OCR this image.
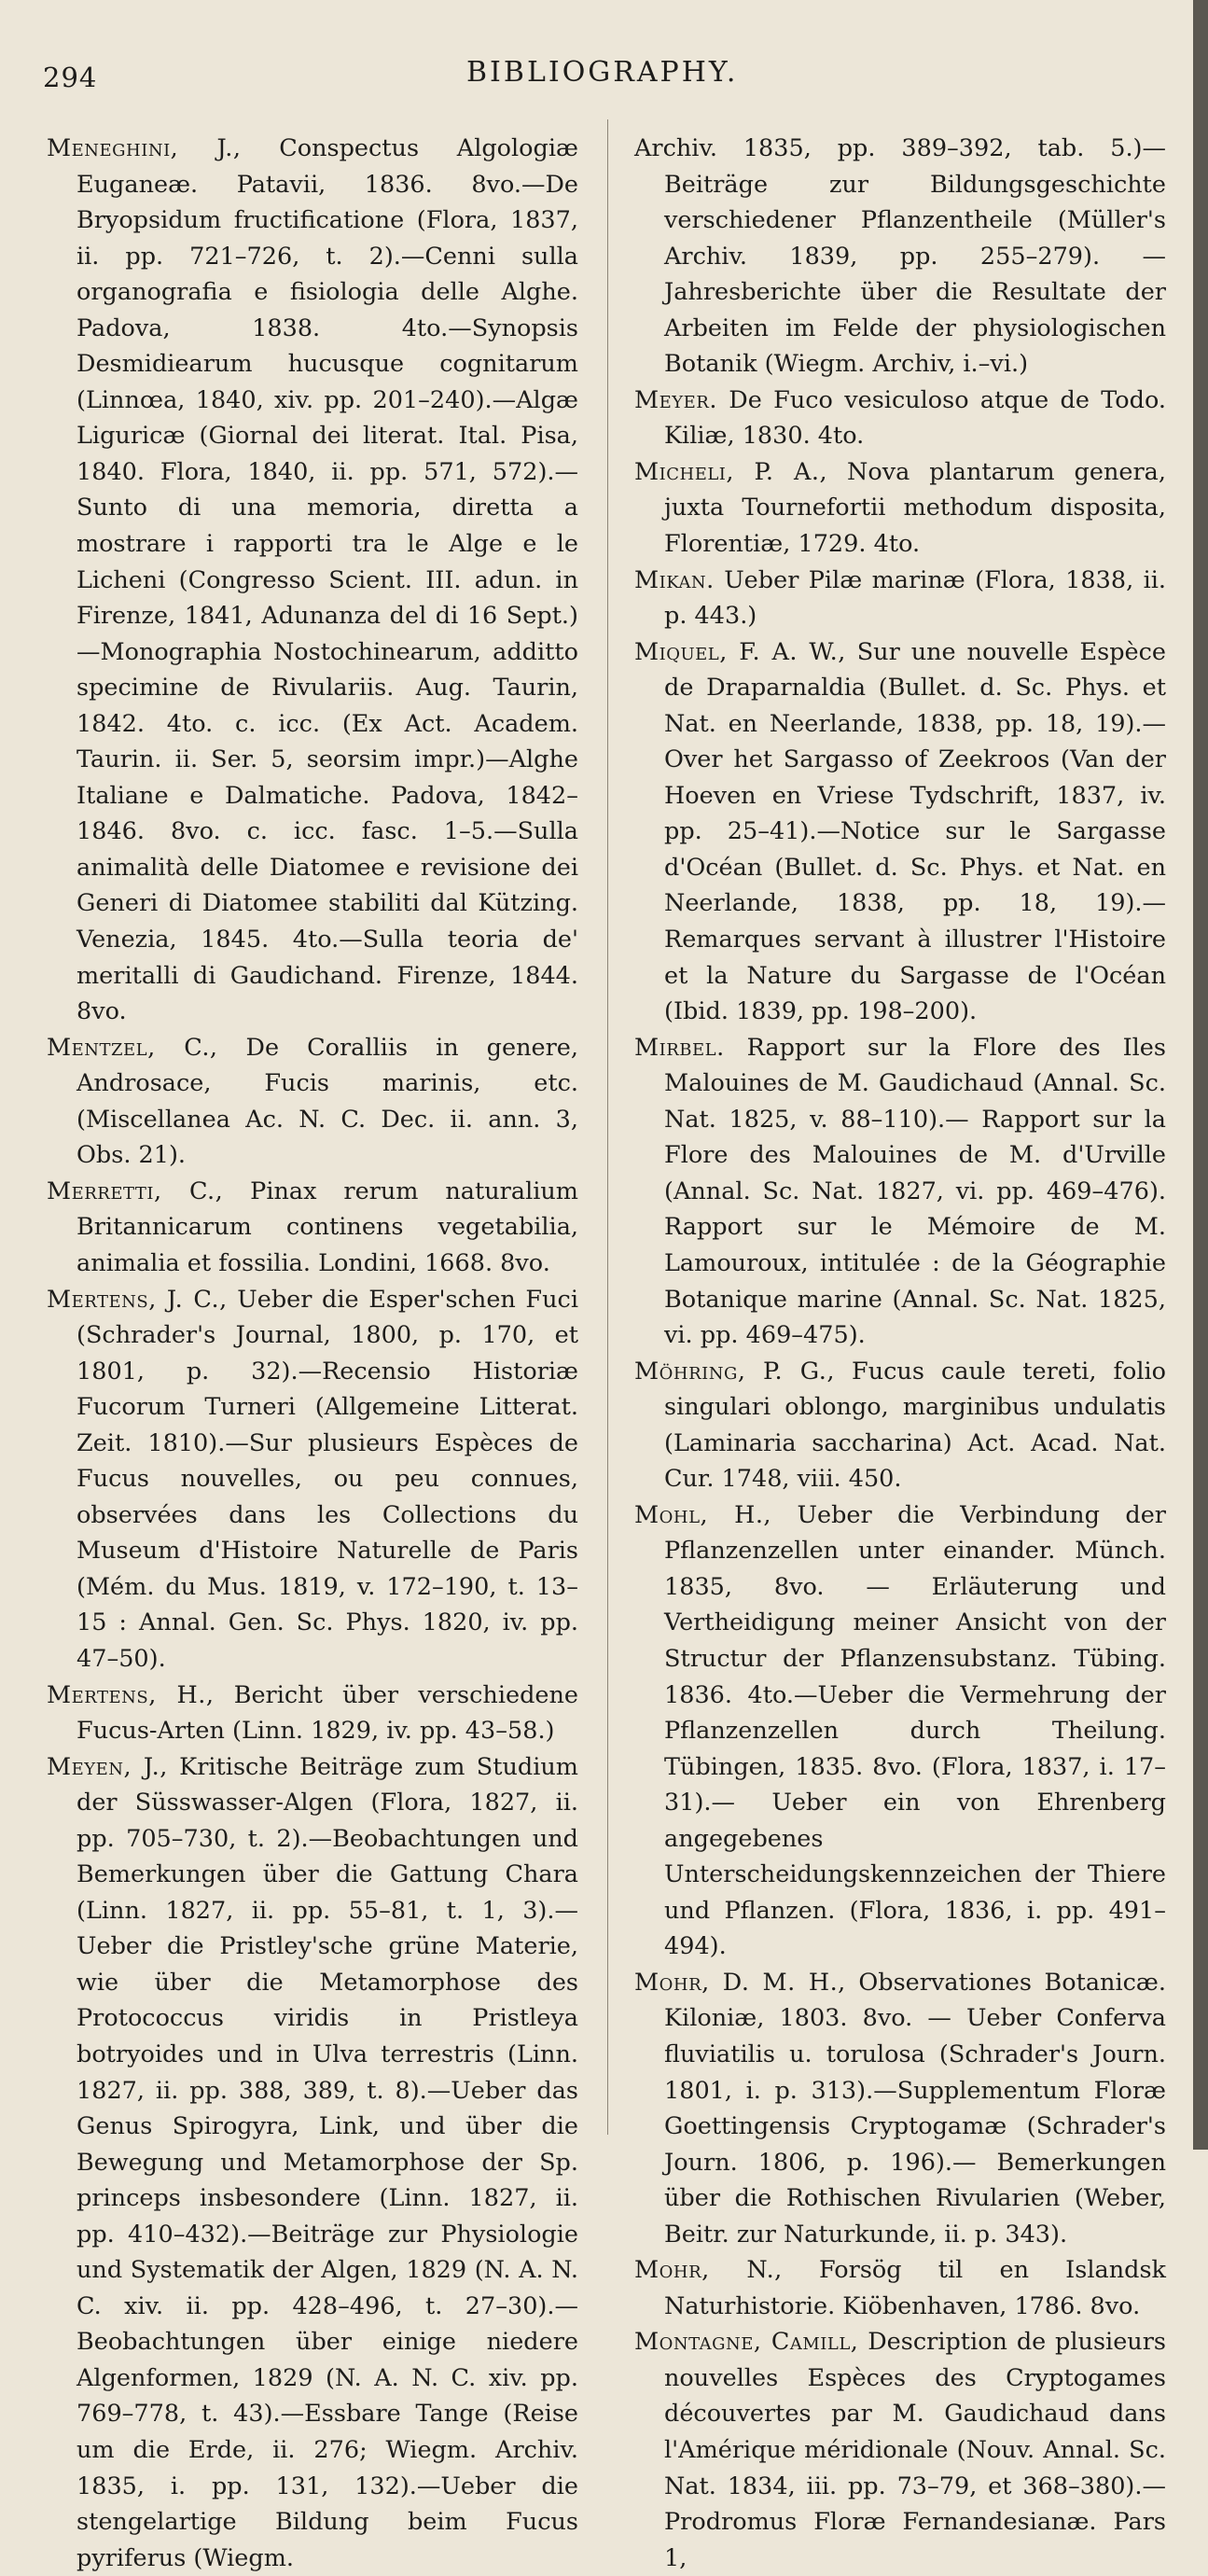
294	BIBLIOGRAPHY.

Meneghini, J., Conspectus Algologiæ Euganeæ. Patavii, 1836. 8vo.—De Bryopsidum fructificatione (Flora, 1837, ii. pp. 721–726, t. 2).—Cenni sulla organografia e fisiologia delle Alghe. Padova, 1838. 4to.—Synopsis Desmidiearum hucusque cognitarum (Linnœa, 1840, xiv. pp. 201–240).—Algæ Liguricæ (Giornal dei literat. Ital. Pisa, 1840. Flora, 1840, ii. pp. 571, 572).—Sunto di una memoria, diretta a mostrare i rapporti tra le Alge e le Licheni (Congresso Scient. III. adun. in Firenze, 1841, Adunanza del di 16 Sept.)—Monographia Nostochinearum, additto specimine de Rivulariis. Aug. Taurin, 1842. 4to. c. icc. (Ex Act. Academ. Taurin. ii. Ser. 5, seorsim impr.)—Alghe Italiane e Dalmatiche. Padova, 1842–1846. 8vo. c. icc. fasc. 1–5.—Sulla animalità delle Diatomee e revisione dei Generi di Diatomee stabiliti dal Kützing. Venezia, 1845. 4to.—Sulla teoria de' meritalli di Gaudichand. Firenze, 1844. 8vo.

Mentzel, C., De Coralliis in genere, Androsace, Fucis marinis, etc. (Miscellanea Ac. N. C. Dec. ii. ann. 3, Obs. 21).

Merretti, C., Pinax rerum naturalium Britannicarum continens vegetabilia, animalia et fossilia. Londini, 1668. 8vo.

Mertens, J. C., Ueber die Esper'schen Fuci (Schrader's Journal, 1800, p. 170, et 1801, p. 32).—Recensio Historiæ Fucorum Turneri (Allgemeine Litterat. Zeit. 1810).—Sur plusieurs Espèces de Fucus nouvelles, ou peu connues, observées dans les Collections du Museum d'Histoire Naturelle de Paris (Mém. du Mus. 1819, v. 172–190, t. 13–15 : Annal. Gen. Sc. Phys. 1820, iv. pp. 47–50).

Mertens, H., Bericht über verschiedene Fucus-Arten (Linn. 1829, iv. pp. 43–58.)

Meyen, J., Kritische Beiträge zum Studium der Süsswasser-Algen (Flora, 1827, ii. pp. 705–730, t. 2).—Beobachtungen und Bemerkungen über die Gattung Chara (Linn. 1827, ii. pp. 55–81, t. 1, 3).—Ueber die Pristley'sche grüne Materie, wie über die Metamorphose des Protococcus viridis in Pristleya botryoides und in Ulva terrestris (Linn. 1827, ii. pp. 388, 389, t. 8).—Ueber das Genus Spirogyra, Link, und über die Bewegung und Metamorphose der Sp. princeps insbesondere (Linn. 1827, ii. pp. 410–432).—Beiträge zur Physiologie und Systematik der Algen, 1829 (N. A. N. C. xiv. ii. pp. 428–496, t. 27–30).—Beobachtungen über einige niedere Algenformen, 1829 (N. A. N. C. xiv. pp. 769–778, t. 43).—Essbare Tange (Reise um die Erde, ii. 276; Wiegm. Archiv. 1835, i. pp. 131, 132).—Ueber die stengelartige Bildung beim Fucus pyriferus (Wiegm.

Archiv. 1835, pp. 389–392, tab. 5.)—Beiträge zur Bildungsgeschichte verschiedener Pflanzentheile (Müller's Archiv. 1839, pp. 255–279). — Jahresberichte über die Resultate der Arbeiten im Felde der physiologischen Botanik (Wiegm. Archiv, i.–vi.)

Meyer. De Fuco vesiculoso atque de Todo. Kiliæ, 1830. 4to.

Micheli, P. A., Nova plantarum genera, juxta Tournefortii methodum disposita, Florentiæ, 1729. 4to.

Mikan. Ueber Pilæ marinæ (Flora, 1838, ii. p. 443.)

Miquel, F. A. W., Sur une nouvelle Espèce de Draparnaldia (Bullet. d. Sc. Phys. et Nat. en Neerlande, 1838, pp. 18, 19).—Over het Sargasso of Zeekroos (Van der Hoeven en Vriese Tydschrift, 1837, iv. pp. 25–41).—Notice sur le Sargasse d'Océan (Bullet. d. Sc. Phys. et Nat. en Neerlande, 1838, pp. 18, 19).—Remarques servant à illustrer l'Histoire et la Nature du Sargasse de l'Océan (Ibid. 1839, pp. 198–200).

Mirbel. Rapport sur la Flore des Iles Malouines de M. Gaudichaud (Annal. Sc. Nat. 1825, v. 88–110).— Rapport sur la Flore des Malouines de M. d'Urville (Annal. Sc. Nat. 1827, vi. pp. 469–476). Rapport sur le Mémoire de M. Lamouroux, intitulée : de la Géographie Botanique marine (Annal. Sc. Nat. 1825, vi. pp. 469–475).

Möhring, P. G., Fucus caule tereti, folio singulari oblongo, marginibus undulatis (Laminaria saccharina) Act. Acad. Nat. Cur. 1748, viii. 450.

Mohl, H., Ueber die Verbindung der Pflanzenzellen unter einander. Münch. 1835, 8vo. — Erläuterung und Vertheidigung meiner Ansicht von der Structur der Pflanzensubstanz. Tübing. 1836. 4to.—Ueber die Vermehrung der Pflanzenzellen durch Theilung. Tübingen, 1835. 8vo. (Flora, 1837, i. 17–31).— Ueber ein von Ehrenberg angegebenes Unterscheidungskennzeichen der Thiere und Pflanzen. (Flora, 1836, i. pp. 491–494).

Mohr, D. M. H., Observationes Botanicæ. Kiloniæ, 1803. 8vo. — Ueber Conferva fluviatilis u. torulosa (Schrader's Journ. 1801, i. p. 313).—Supplementum Floræ Goettingensis Cryptogamæ (Schrader's Journ. 1806, p. 196).— Bemerkungen über die Rothischen Rivularien (Weber, Beitr. zur Naturkunde, ii. p. 343).

Mohr, N., Forsög til en Islandsk Naturhistorie. Kiöbenhaven, 1786. 8vo.

Montagne, Camill, Description de plusieurs nouvelles Espèces des Cryptogames découvertes par M. Gaudichaud dans l'Amérique méridionale (Nouv. Annal. Sc. Nat. 1834, iii. pp. 73–79, et 368–380).—Prodromus Floræ Fernandesianæ. Pars 1,
